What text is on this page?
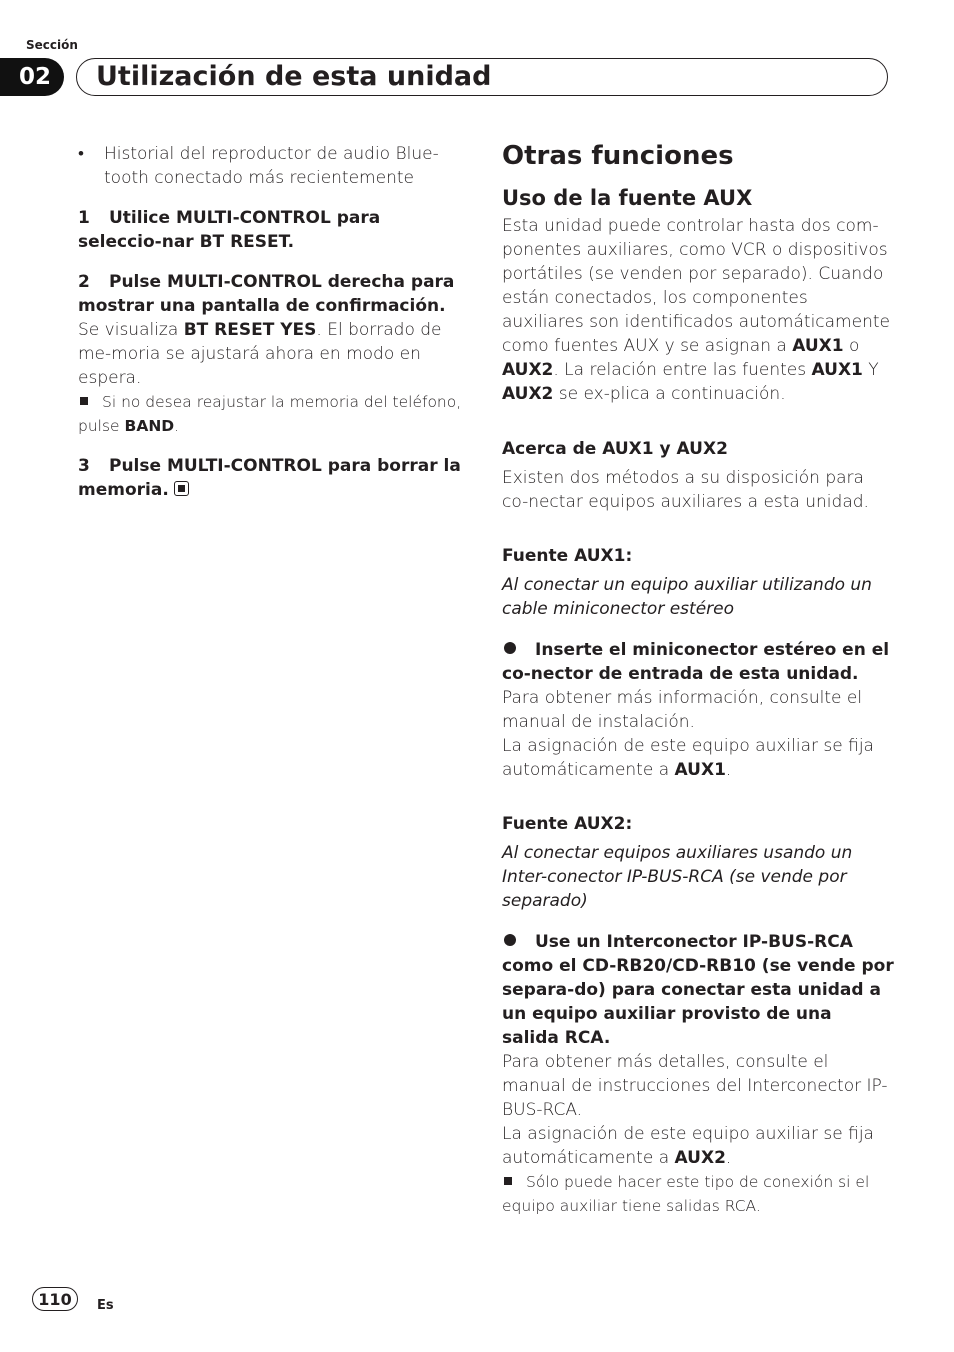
Sección
02	Utilización de esta unidad
•	Historial del reproductor de audio Blue-tooth conectado más recientemente

1 Utilice MULTI-CONTROL para seleccio-nar BT RESET.

2 Pulse MULTI-CONTROL derecha para mostrar una pantalla de confirmación.

Se visualiza BT RESET YES. El borrado de me-moria se ajustará ahora en modo en espera.

Si no desea reajustar la memoria del teléfono, pulse BAND.

3 Pulse MULTI-CONTROL para borrar la memoria.

Otras funciones
Uso de la fuente AUX

Esta unidad puede controlar hasta dos com-ponentes auxiliares, como VCR o dispositivos portátiles (se venden por separado). Cuando están conectados, los componentes auxiliares son identificados automáticamente como fuentes AUX y se asignan a AUX1 o AUX2. La relación entre las fuentes AUX1 Y AUX2 se ex-plica a continuación.

Acerca de AUX1 y AUX2

Existen dos métodos a su disposición para co-nectar equipos auxiliares a esta unidad.

Fuente AUX1:

Al conectar un equipo auxiliar utilizando un cable miniconector estéreo

Inserte el miniconector estéreo en el co-nector de entrada de esta unidad.

Para obtener más información, consulte el manual de instalación.

La asignación de este equipo auxiliar se fija automáticamente a AUX1.

Fuente AUX2:

Al conectar equipos auxiliares usando un Inter-conector IP-BUS-RCA (se vende por separado)

Use un Interconector IP-BUS-RCA como el CD-RB20/CD-RB10 (se vende por separa-do) para conectar esta unidad a un equipo auxiliar provisto de una salida RCA.

Para obtener más detalles, consulte el manual de instrucciones del Interconector IP-BUS-RCA.

La asignación de este equipo auxiliar se fija automáticamente a AUX2.

Sólo puede hacer este tipo de conexión si el equipo auxiliar tiene salidas RCA.

110	Es
